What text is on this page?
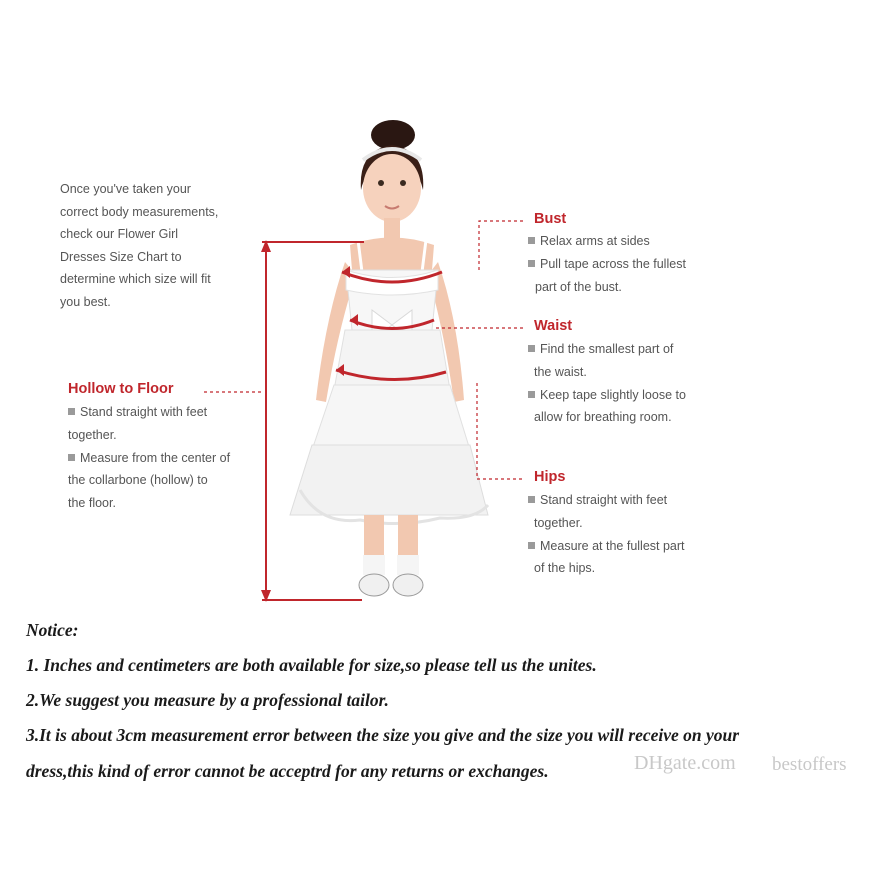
Once you've taken your
correct body measurements,
check our Flower Girl
Dresses Size Chart to
determine which size will fit
you best.
Hollow to Floor
Stand straight with feet
together.
Measure from the center of
the collarbone (hollow) to
the floor.
Bust
Relax arms at sides
Pull tape across the fullest
part of the bust.
Waist
Find the smallest part of
the waist.
Keep tape slightly loose to
allow for breathing room.
Hips
Stand straight with feet
together.
Measure at the fullest part
of the hips.
Notice:
1. Inches and centimeters are both available for size,so please tell us the unites.
2.We suggest you measure by a professional tailor.
3.It is about 3cm measurement error between the size you give and the size you will receive on your
dress,this kind of error cannot be acceptrd for any returns or exchanges.	DHgate.com bestoffers
